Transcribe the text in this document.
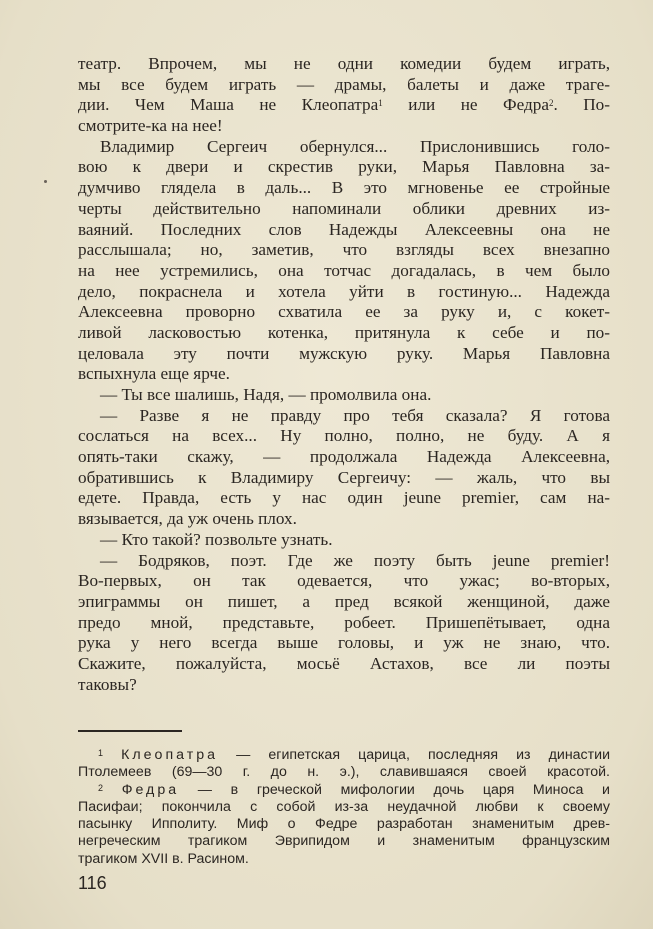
театр. Впрочем, мы не одни комедии будем играть,
мы все будем играть — драмы, балеты и даже траге-
дии. Чем Маша не Клеопатра$^1$ или не Федра$^2$. По-
смотрите-ка на нее!
Владимир Сергеич обернулся... Прислонившись голо-
вою к двери и скрестив руки, Марья Павловна за-
думчиво глядела в даль... В это мгновенье ее стройные
черты действительно напоминали облики древних из-
ваяний. Последних слов Надежды Алексеевны она не
расслышала; но, заметив, что взгляды всех внезапно
на нее устремились, она тотчас догадалась, в чем было
дело, покраснела и хотела уйти в гостиную... Надежда
Алексеевна проворно схватила ее за руку и, с кокет-
ливой ласковостью котенка, притянула к себе и по-
целовала эту почти мужскую руку. Марья Павловна
вспыхнула еще ярче.
— Ты все шалишь, Надя, — промолвила она.
— Разве я не правду про тебя сказала? Я готова
сослаться на всех... Ну полно, полно, не буду. А я
опять-таки скажу, — продолжала Надежда Алексеевна,
обратившись к Владимиру Сергеичу: — жаль, что вы
едете. Правда, есть у нас один jeune premier, сам на-
вязывается, да уж очень плох.
— Кто такой? позвольте узнать.
— Бодряков, поэт. Где же поэту быть jeune premier!
Во-первых, он так одевается, что ужас; во-вторых,
эпиграммы он пишет, а пред всякой женщиной, даже
предо мной, представьте, робеет. Пришепётывает, одна
рука у него всегда выше головы, и уж не знаю, что.
Скажите, пожалуйста, мосьё Астахов, все ли поэты
таковы?
$^1$ Клеопатра — египетская царица, последняя из династии
Птолемеев (69—30 г. до н. э.), славившаяся своей красотой.
$^2$ Федра — в греческой мифологии дочь царя Миноса и
Пасифаи; покончила с собой из-за неудачной любви к своему
пасынку Ипполиту. Миф о Федре разработан знаменитым древ-
негреческим трагиком Эврипидом и знаменитым французским
трагиком XVII в. Расином.
116
